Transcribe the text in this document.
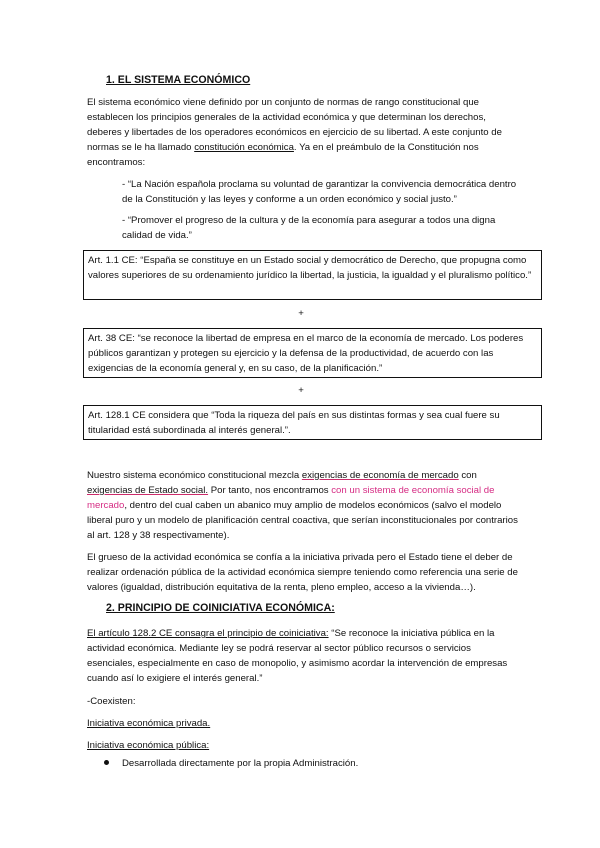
1. EL SISTEMA ECONÓMICO

El sistema económico viene definido por un conjunto de normas de rango constitucional que establecen los principios generales de la actividad económica y que determinan los derechos, deberes y libertades de los operadores económicos en ejercicio de su libertad. A este conjunto de normas se le ha llamado constitución económica. Ya en el preámbulo de la Constitución nos encontramos:

- “La Nación española proclama su voluntad de garantizar la convivencia democrática dentro de la Constitución y las leyes y conforme a un orden económico y social justo.”

- “Promover el progreso de la cultura y de la economía para asegurar a todos una digna calidad de vida.”

Art. 1.1 CE: “España se constituye en un Estado social y democrático de Derecho, que propugna como valores superiores de su ordenamiento jurídico la libertad, la justicia, la igualdad y el pluralismo político.”

+

Art. 38 CE: “se reconoce la libertad de empresa en el marco de la economía de mercado. Los poderes públicos garantizan y protegen su ejercicio y la defensa de la productividad, de acuerdo con las exigencias de la economía general y, en su caso, de la planificación.”

+

Art. 128.1 CE considera que “Toda la riqueza del país en sus distintas formas y sea cual fuere su titularidad está subordinada al interés general.”.

Nuestro sistema económico constitucional mezcla exigencias de economía de mercado con exigencias de Estado social. Por tanto, nos encontramos con un sistema de economía social de mercado, dentro del cual caben un abanico muy amplio de modelos económicos (salvo el modelo liberal puro y un modelo de planificación central coactiva, que serían inconstitucionales por contrarios al art. 128 y 38 respectivamente).

El grueso de la actividad económica se confía a la iniciativa privada pero el Estado tiene el deber de realizar ordenación pública de la actividad económica siempre teniendo como referencia una serie de valores (igualdad, distribución equitativa de la renta, pleno empleo, acceso a la vivienda…).

2. PRINCIPIO DE COINICIATIVA ECONÓMICA:

El artículo 128.2 CE consagra el principio de coiniciativa: “Se reconoce la iniciativa pública en la actividad económica. Mediante ley se podrá reservar al sector público recursos o servicios esenciales, especialmente en caso de monopolio, y asimismo acordar la intervención de empresas cuando así lo exigiere el interés general.”

-Coexisten:

Iniciativa económica privada.

Iniciativa económica pública:

Desarrollada directamente por la propia Administración.
